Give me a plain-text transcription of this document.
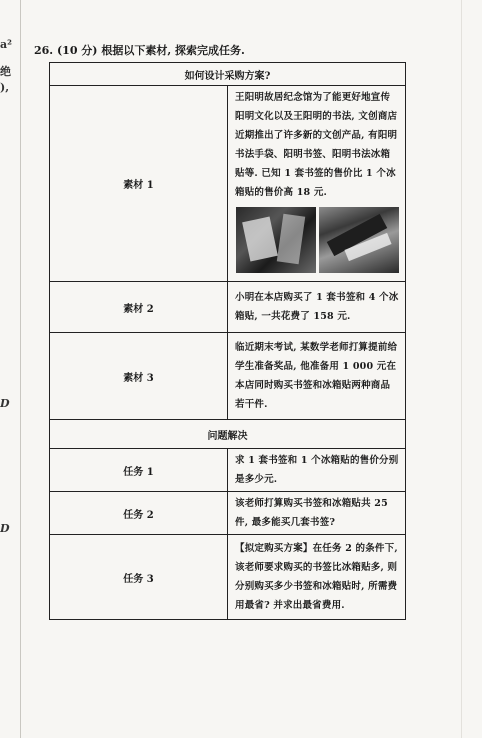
a²
绝
),
D
D
26. (10 分) 根据以下素材, 探索完成任务.
如何设计采购方案?	
素材 1	王阳明故居纪念馆为了能更好地宣传阳明文化以及王阳明的书法, 文创商店近期推出了许多新的文创产品, 有阳明书法手袋、阳明书签、阳明书法冰箱贴等. 已知 1 套书签的售价比 1 个冰箱贴的售价高 18 元.

素材 2	小明在本店购买了 1 套书签和 4 个冰箱贴, 一共花费了 158 元.
素材 3	临近期末考试, 某数学老师打算提前给学生准备奖品, 他准备用 1 000 元在本店同时购买书签和冰箱贴两种商品若干件.
问题解决	
任务 1	求 1 套书签和 1 个冰箱贴的售价分别是多少元.
任务 2	该老师打算购买书签和冰箱贴共 25 件, 最多能买几套书签?
任务 3	【拟定购买方案】在任务 2 的条件下, 该老师要求购买的书签比冰箱贴多, 则分别购买多少书签和冰箱贴时, 所需费用最省? 并求出最省费用.
